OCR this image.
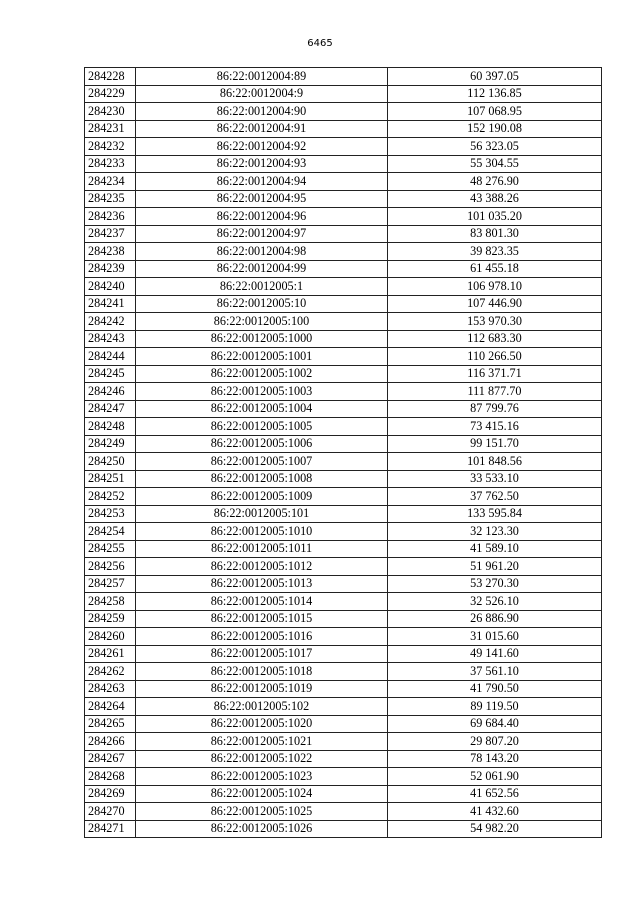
6465
284228	86:22:0012004:89	60 397.05
284229	86:22:0012004:9	112 136.85
284230	86:22:0012004:90	107 068.95
284231	86:22:0012004:91	152 190.08
284232	86:22:0012004:92	56 323.05
284233	86:22:0012004:93	55 304.55
284234	86:22:0012004:94	48 276.90
284235	86:22:0012004:95	43 388.26
284236	86:22:0012004:96	101 035.20
284237	86:22:0012004:97	83 801.30
284238	86:22:0012004:98	39 823.35
284239	86:22:0012004:99	61 455.18
284240	86:22:0012005:1	106 978.10
284241	86:22:0012005:10	107 446.90
284242	86:22:0012005:100	153 970.30
284243	86:22:0012005:1000	112 683.30
284244	86:22:0012005:1001	110 266.50
284245	86:22:0012005:1002	116 371.71
284246	86:22:0012005:1003	111 877.70
284247	86:22:0012005:1004	87 799.76
284248	86:22:0012005:1005	73 415.16
284249	86:22:0012005:1006	99 151.70
284250	86:22:0012005:1007	101 848.56
284251	86:22:0012005:1008	33 533.10
284252	86:22:0012005:1009	37 762.50
284253	86:22:0012005:101	133 595.84
284254	86:22:0012005:1010	32 123.30
284255	86:22:0012005:1011	41 589.10
284256	86:22:0012005:1012	51 961.20
284257	86:22:0012005:1013	53 270.30
284258	86:22:0012005:1014	32 526.10
284259	86:22:0012005:1015	26 886.90
284260	86:22:0012005:1016	31 015.60
284261	86:22:0012005:1017	49 141.60
284262	86:22:0012005:1018	37 561.10
284263	86:22:0012005:1019	41 790.50
284264	86:22:0012005:102	89 119.50
284265	86:22:0012005:1020	69 684.40
284266	86:22:0012005:1021	29 807.20
284267	86:22:0012005:1022	78 143.20
284268	86:22:0012005:1023	52 061.90
284269	86:22:0012005:1024	41 652.56
284270	86:22:0012005:1025	41 432.60
284271	86:22:0012005:1026	54 982.20
